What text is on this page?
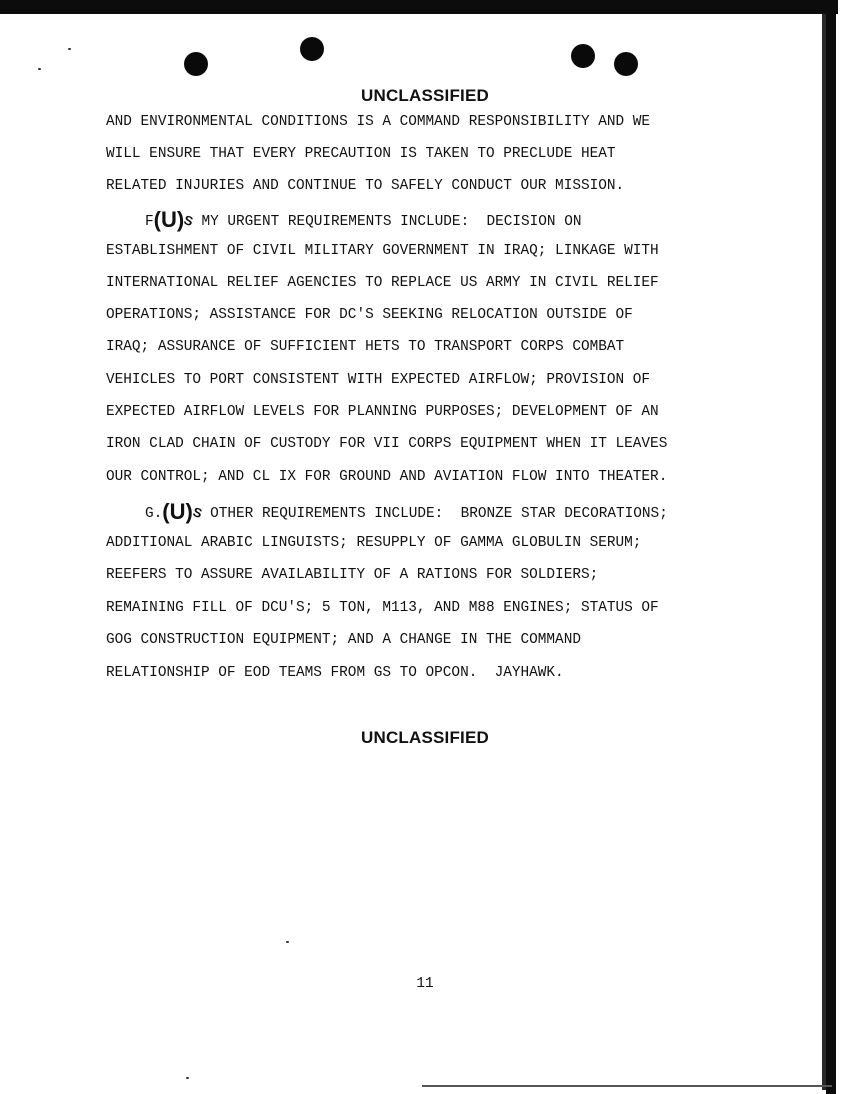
UNCLASSIFIED
AND ENVIRONMENTAL CONDITIONS IS A COMMAND RESPONSIBILITY AND WE
WILL ENSURE THAT EVERY PRECAUTION IS TAKEN TO PRECLUDE HEAT
RELATED INJURIES AND CONTINUE TO SAFELY CONDUCT OUR MISSION.
F(U)S MY URGENT REQUIREMENTS INCLUDE:  DECISION ON
ESTABLISHMENT OF CIVIL MILITARY GOVERNMENT IN IRAQ; LINKAGE WITH
INTERNATIONAL RELIEF AGENCIES TO REPLACE US ARMY IN CIVIL RELIEF
OPERATIONS; ASSISTANCE FOR DC'S SEEKING RELOCATION OUTSIDE OF
IRAQ; ASSURANCE OF SUFFICIENT HETS TO TRANSPORT CORPS COMBAT
VEHICLES TO PORT CONSISTENT WITH EXPECTED AIRFLOW; PROVISION OF
EXPECTED AIRFLOW LEVELS FOR PLANNING PURPOSES; DEVELOPMENT OF AN
IRON CLAD CHAIN OF CUSTODY FOR VII CORPS EQUIPMENT WHEN IT LEAVES
OUR CONTROL; AND CL IX FOR GROUND AND AVIATION FLOW INTO THEATER.
G.(U)S OTHER REQUIREMENTS INCLUDE:  BRONZE STAR DECORATIONS;
ADDITIONAL ARABIC LINGUISTS; RESUPPLY OF GAMMA GLOBULIN SERUM;
REEFERS TO ASSURE AVAILABILITY OF A RATIONS FOR SOLDIERS;
REMAINING FILL OF DCU'S; 5 TON, M113, AND M88 ENGINES; STATUS OF
GOG CONSTRUCTION EQUIPMENT; AND A CHANGE IN THE COMMAND
RELATIONSHIP OF EOD TEAMS FROM GS TO OPCON.  JAYHAWK.
UNCLASSIFIED
11
